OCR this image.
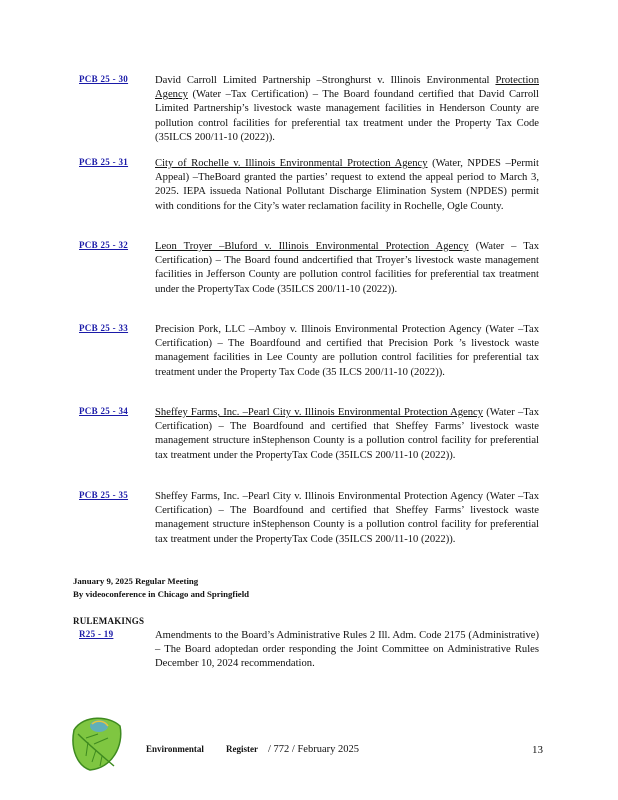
PCB 25 - 30	David Carroll Limited Partnership –Stronghurst v. Illinois Environmental Protection Agency (Water –Tax Certification) – The Board foundand certified that David Carroll Limited Partnership’s livestock waste management facilities in Henderson County are pollution control facilities for preferential tax treatment under the Property Tax Code (35ILCS 200/11-10 (2022)).
PCB 25 - 31	City of Rochelle v. Illinois Environmental Protection Agency (Water, NPDES –Permit Appeal) –TheBoard granted the parties’ request to extend the appeal period to March 3, 2025. IEPA issueda National Pollutant Discharge Elimination System (NPDES) permit with conditions for the City’s water reclamation facility in Rochelle, Ogle County.
PCB 25 - 32	Leon Troyer –Bluford v. Illinois Environmental Protection Agency (Water – Tax Certification) – The Board found andcertified that Troyer’s livestock waste management facilities in Jefferson County are pollution control facilities for preferential tax treatment under the PropertyTax Code (35ILCS 200/11-10 (2022)).
PCB 25 - 33	Precision Pork, LLC –Amboy v. Illinois Environmental Protection Agency (Water –Tax Certification) – The Boardfound and certified that Precision Pork ’s livestock waste management facilities in Lee County are pollution control facilities for preferential tax treatment under the Property Tax Code (35 ILCS 200/11-10 (2022)).
PCB 25 - 34	Sheffey Farms, Inc. –Pearl City v. Illinois Environmental Protection Agency (Water –Tax Certification) – The Boardfound and certified that Sheffey Farms’ livestock waste management structure inStephenson County is a pollution control facility for preferential tax treatment under the PropertyTax Code (35ILCS 200/11-10 (2022)).
PCB 25 - 35	Sheffey Farms, Inc. –Pearl City v. Illinois Environmental Protection Agency (Water –Tax Certification) – The Boardfound and certified that Sheffey Farms’ livestock waste management structure inStephenson County is a pollution control facility for preferential tax treatment under the PropertyTax Code (35ILCS 200/11-10 (2022)).
January 9, 2025 Regular Meeting
By videoconference in Chicago and Springfield
RULEMAKINGS
R25 - 19	Amendments to the Board’s Administrative Rules 2 Ill. Adm. Code 2175 (Administrative) – The Board adoptedan order responding the Joint Committee on Administrative Rules December 10, 2024 recommendation.
Environmental Register / 772 / February 2025	13
